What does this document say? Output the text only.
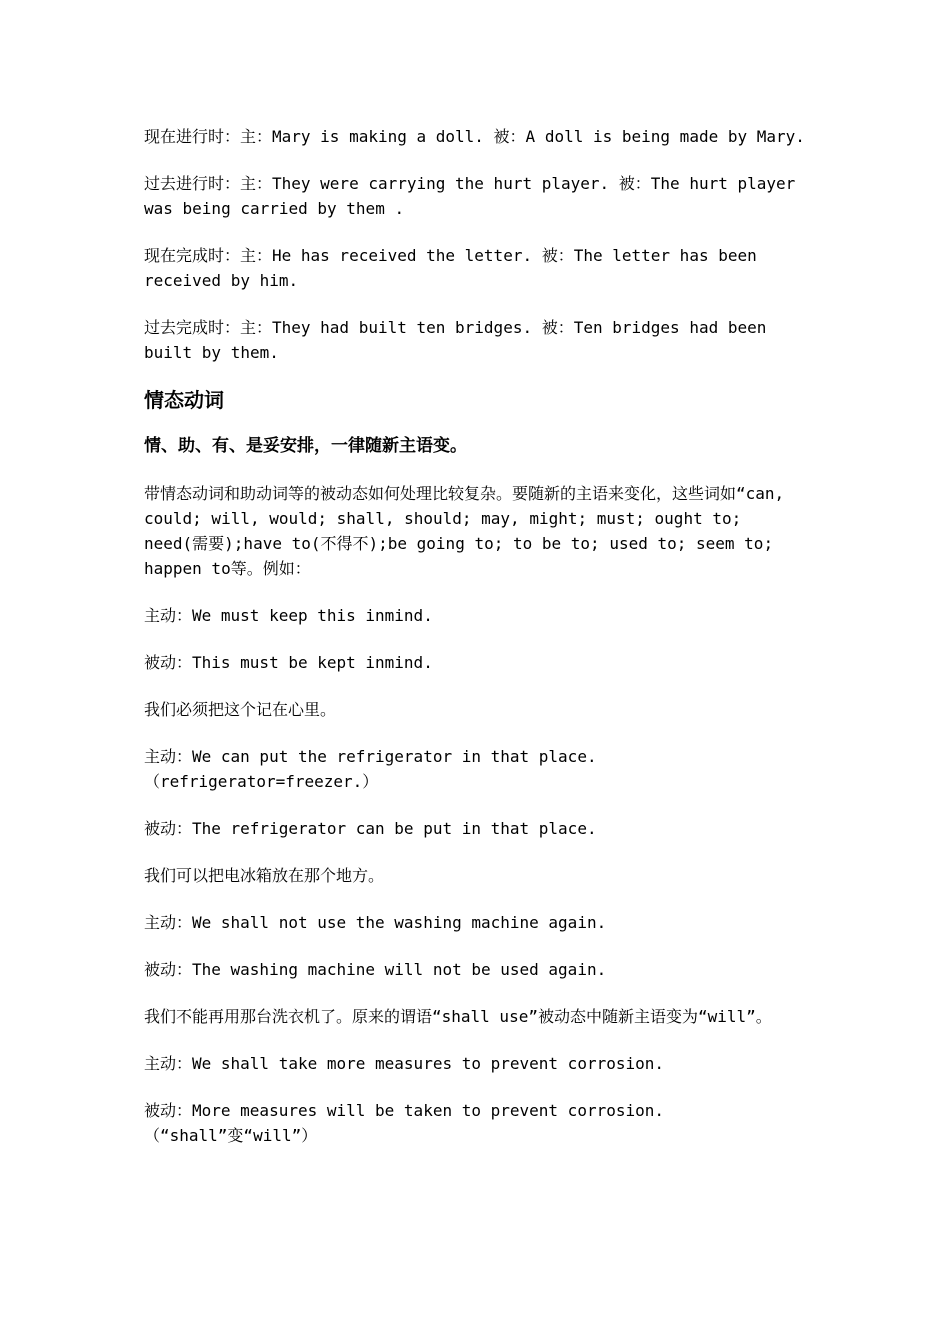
现在进行时：主：Mary is making a doll. 被：A doll is being made by Mary.

过去进行时：主：They were carrying the hurt player. 被：The hurt player was being carried by them .

现在完成时：主：He has received the letter. 被：The letter has been received by him.

过去完成时：主：They had built ten bridges. 被：Ten bridges had been built by them.

情态动词

情、助、有、是妥安排，一律随新主语变。

带情态动词和助动词等的被动态如何处理比较复杂。要随新的主语来变化，这些词如“can, could; will, would; shall, should; may, might; must; ought to; need(需要);have to(不得不);be going to; to be to; used to; seem to; happen to等。例如：

主动：We must keep this inmind.

被动：This must be kept inmind.

我们必须把这个记在心里。

主动：We can put the refrigerator in that place.（refrigerator=freezer.）

被动：The refrigerator can be put in that place.

我们可以把电冰箱放在那个地方。

主动：We shall not use the washing machine again.

被动：The washing machine will not be used again.

我们不能再用那台洗衣机了。原来的谓语“shall use”被动态中随新主语变为“will”。

主动：We shall take more measures to prevent corrosion.

被动：More measures will be taken to prevent corrosion. （“shall”变“will”）
